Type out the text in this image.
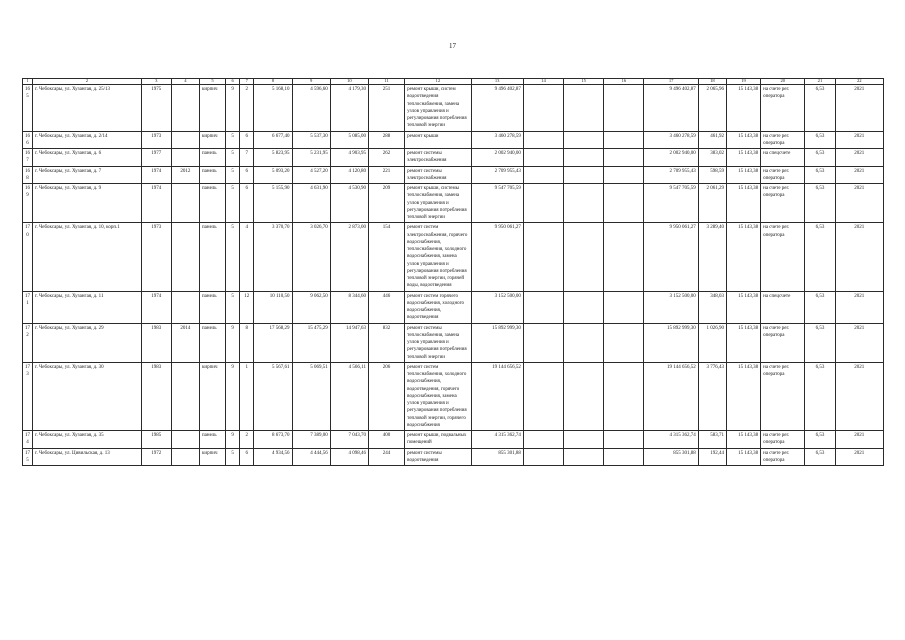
17
1	2	3	4	5	6	7	8	9	10	11	12	13	14	15	16	17	18	19	20	21	22
165	г. Чебоксары, ул. Хузангая, д. 25/13	1975		кирпич	9	2	5 168,10	4 596,60	4 179,30	251	ремонт крыши, систем водоотведения теплоснабжения, замена узлов управления и регулирования потребления тепловой энергии	9 496 402,87				9 496 402,87	2 065,96	15 143,38	на счете рег. оператора	6,53	2021
166	г. Чебоксары, ул. Хузангая, д. 2/14	1973		кирпич	5	6	6 677,40	5 537,30	5 085,00	288	ремонт крыши	3 460 278,59				3 460 278,59	461,92	15 143,38	на счете рег. оператора	6,53	2021
167	г. Чебоксары, ул. Хузангая, д. 6	1977		панель	5	7	5 823,95	5 231,95	4 903,95	262	ремонт системы электроснабжения	2 002 940,00				2 002 940,00	383,02	15 143,38	на спецсчете	6,53	2021
168	г. Чебоксары, ул. Хузангая, д. 7	1974	2012	панель	5	6	5 093,20	4 527,20	4 120,80	221	ремонт системы электроснабжения	2 709 955,43				2 709 955,43	598,59	15 143,38	на счете рег. оператора	6,53	2021
169	г. Чебоксары, ул. Хузангая, д. 9	1974		панель	5	6	5 155,90	4 631,90	4 530,90	209	ремонт крыши, системы теплоснабжения, замена узлов управления и регулирования потребления тепловой энергии	9 547 705,59				9 547 705,59	2 061,29	15 143,38	на счете рег. оператора	6,53	2021
170	г. Чебоксары, ул. Хузангая, д. 10, корп.1	1973		панель	5	4	3 370,70	3 026,70	2 873,00	154	ремонт систем электроснабжения, горячего водоснабжения, теплоснабжения, холодного водоснабжения, замена узлов управления и регулирования потребления тепловой энергии, горячей воды, водоотведения	9 950 061,27				9 950 061,27	3 289,40	15 143,38	на счете рег. оператора	6,53	2021
171	г. Чебоксары, ул. Хузангая, д. 11	1974		панель	5	12	10 110,50	9 062,50	8 344,60	446	ремонт систем горячего водоснабжения, холодного водоснабжения, водоотведения	3 152 500,00				3 152 500,00	348,03	15 143,38	на спецсчете	6,53	2021
172	г. Чебоксары, ул. Хузангая, д. 29	1983	2014	панель	9	8	17 568,29	15 475,29	14 947,63	832	ремонт системы теплоснабжения, замена узлов управления и регулирования потребления тепловой энергии	15 892 999,30				15 892 999,30	1 026,90	15 143,38	на счете рег. оператора	6,53	2021
173	г. Чебоксары, ул. Хузангая, д. 30	1983		кирпич	9	1	5 567,61	5 069,51	4 566,11	206	ремонт систем теплоснабжения, холодного водоснабжения, водоотведения, горячего водоснабжения, замена узлов управления и регулирования потребления тепловой энергии, горячего водоснабжения	19 144 656,52				19 144 656,52	3 776,43	15 143,38	на счете рег. оператора	6,53	2021
174	г. Чебоксары, ул. Хузангая, д. 35	1985		панель	9	2	8 673,70	7 389,00	7 043,70	400	ремонт крыши, подвальных помещений	4 315 362,74				4 315 362,74	583,71	15 143,38	на счете рег. оператора	6,53	2021
175	г. Чебоксары, ул. Цивильская, д. 13	1972		кирпич	5	6	4 934,56	4 444,56	4 098,46	244	ремонт системы водоотведения	855 301,88				855 301,88	192,44	15 143,38	на счете рег. оператора	6,53	2021
